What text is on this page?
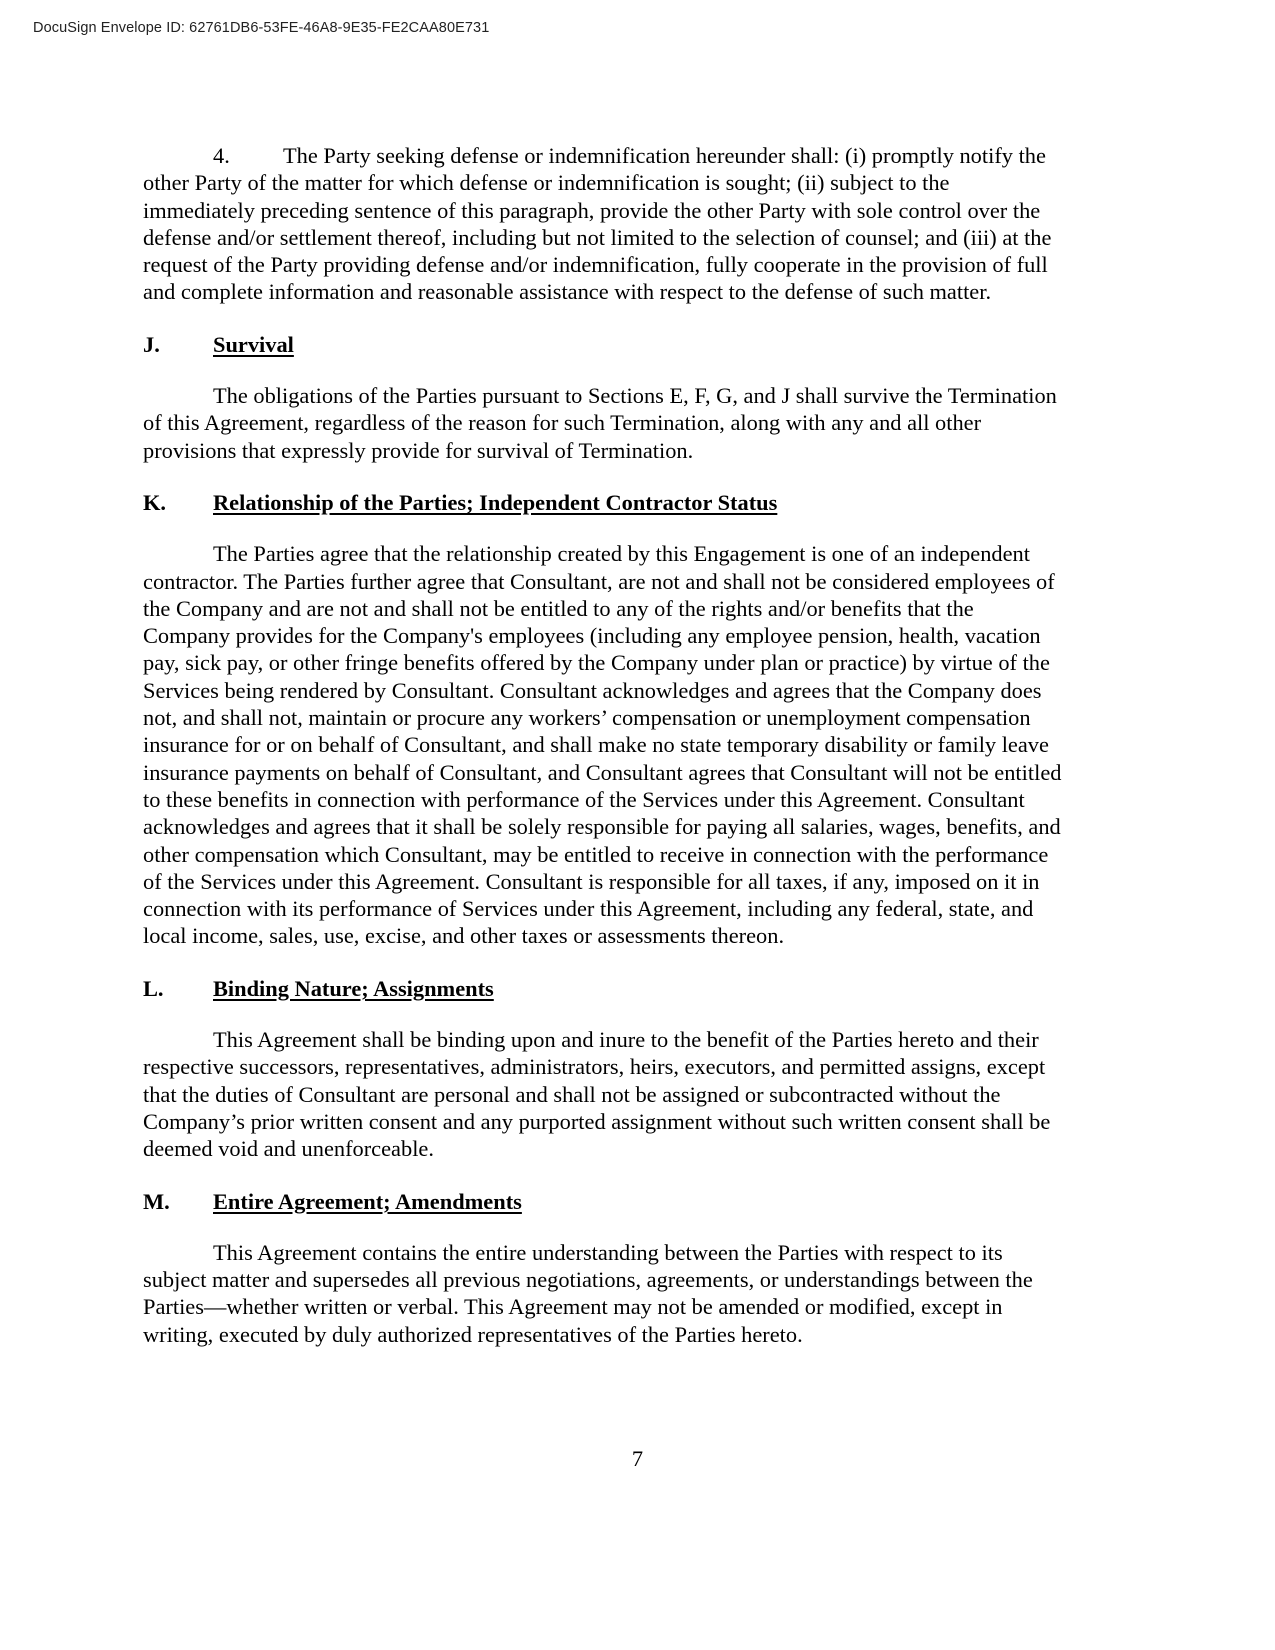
DocuSign Envelope ID: 62761DB6-53FE-46A8-9E35-FE2CAA80E731

4. The Party seeking defense or indemnification hereunder shall: (i) promptly notify the other Party of the matter for which defense or indemnification is sought; (ii) subject to the immediately preceding sentence of this paragraph, provide the other Party with sole control over the defense and/or settlement thereof, including but not limited to the selection of counsel; and (iii) at the request of the Party providing defense and/or indemnification, fully cooperate in the provision of full and complete information and reasonable assistance with respect to the defense of such matter.

J.	Survival

The obligations of the Parties pursuant to Sections E, F, G, and J shall survive the Termination of this Agreement, regardless of the reason for such Termination, along with any and all other provisions that expressly provide for survival of Termination.

K.	Relationship of the Parties; Independent Contractor Status

The Parties agree that the relationship created by this Engagement is one of an independent contractor. The Parties further agree that Consultant, are not and shall not be considered employees of the Company and are not and shall not be entitled to any of the rights and/or benefits that the Company provides for the Company's employees (including any employee pension, health, vacation pay, sick pay, or other fringe benefits offered by the Company under plan or practice) by virtue of the Services being rendered by Consultant. Consultant acknowledges and agrees that the Company does not, and shall not, maintain or procure any workers’ compensation or unemployment compensation insurance for or on behalf of Consultant, and shall make no state temporary disability or family leave insurance payments on behalf of Consultant, and Consultant agrees that Consultant will not be entitled to these benefits in connection with performance of the Services under this Agreement. Consultant acknowledges and agrees that it shall be solely responsible for paying all salaries, wages, benefits, and other compensation which Consultant, may be entitled to receive in connection with the performance of the Services under this Agreement. Consultant is responsible for all taxes, if any, imposed on it in connection with its performance of Services under this Agreement, including any federal, state, and local income, sales, use, excise, and other taxes or assessments thereon.

L.	Binding Nature; Assignments

This Agreement shall be binding upon and inure to the benefit of the Parties hereto and their respective successors, representatives, administrators, heirs, executors, and permitted assigns, except that the duties of Consultant are personal and shall not be assigned or subcontracted without the Company’s prior written consent and any purported assignment without such written consent shall be deemed void and unenforceable.

M.	Entire Agreement; Amendments

This Agreement contains the entire understanding between the Parties with respect to its subject matter and supersedes all previous negotiations, agreements, or understandings between the Parties—whether written or verbal. This Agreement may not be amended or modified, except in writing, executed by duly authorized representatives of the Parties hereto.

7
